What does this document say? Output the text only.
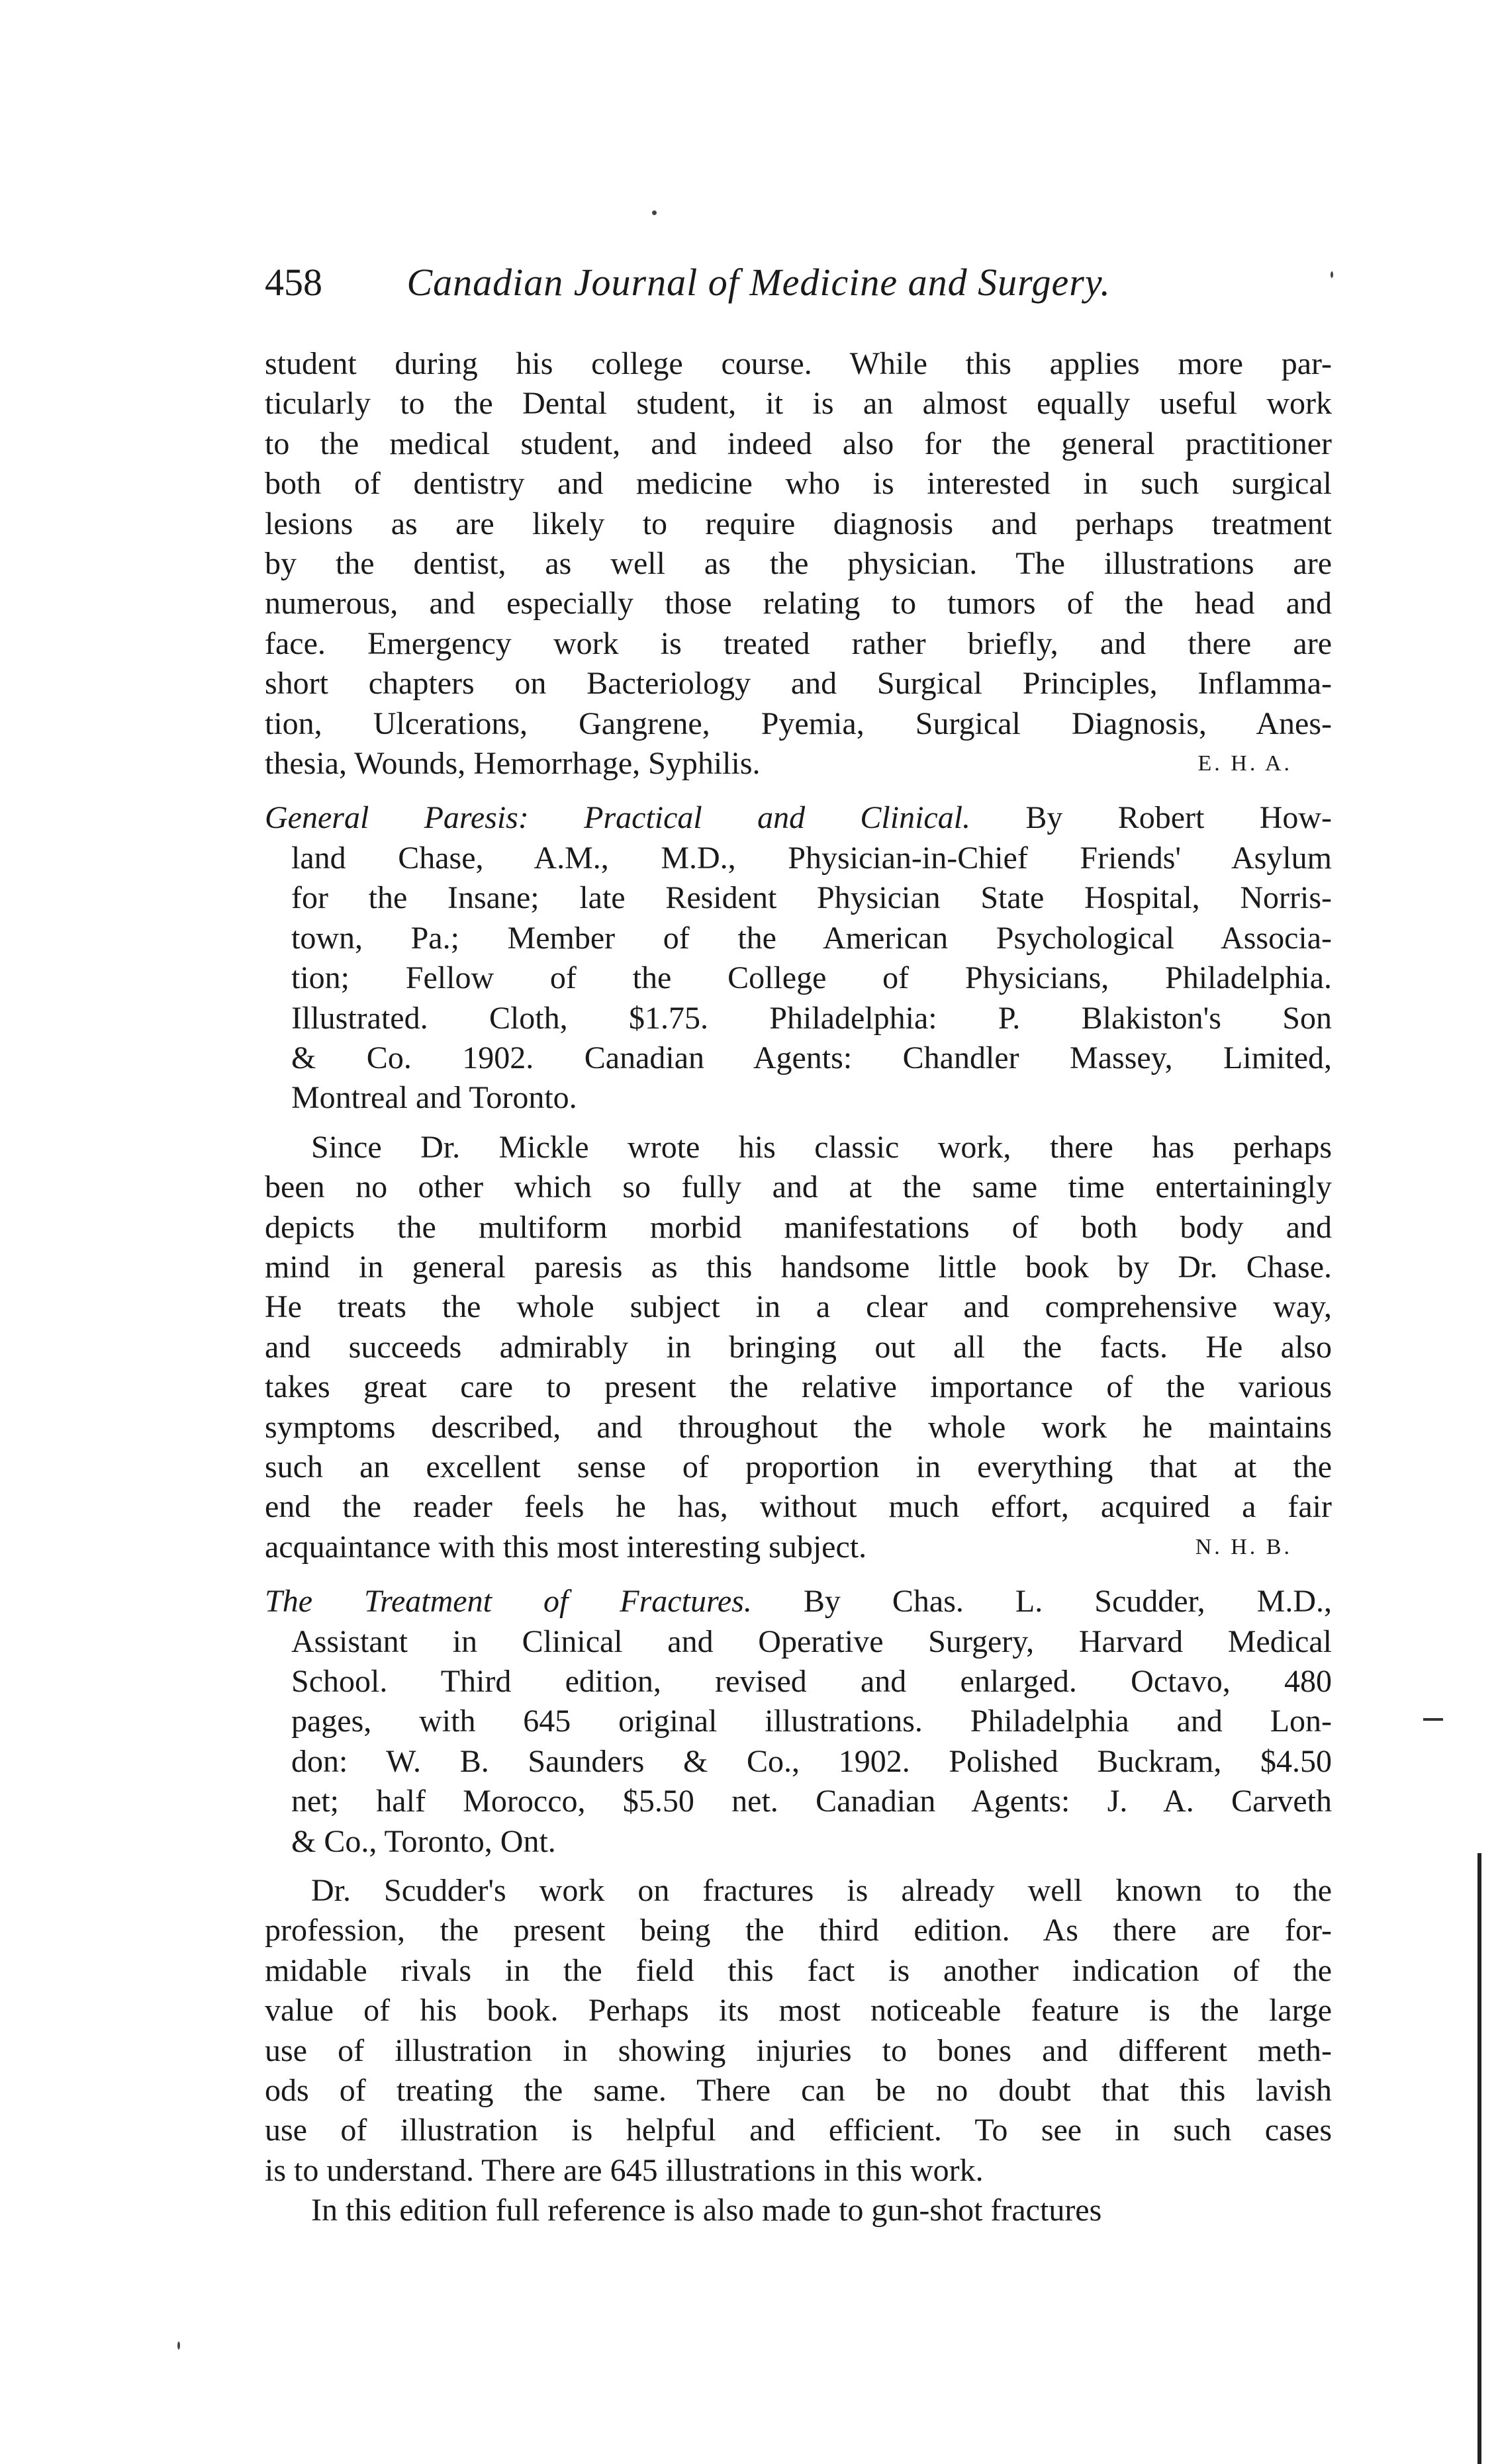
458 Canadian Journal of Medicine and Surgery.
student during his college course. While this applies more par-
ticularly to the Dental student, it is an almost equally useful work
to the medical student, and indeed also for the general practitioner
both of dentistry and medicine who is interested in such surgical
lesions as are likely to require diagnosis and perhaps treatment
by the dentist, as well as the physician. The illustrations are
numerous, and especially those relating to tumors of the head and
face. Emergency work is treated rather briefly, and there are
short chapters on Bacteriology and Surgical Principles, Inflamma-
tion, Ulcerations, Gangrene, Pyemia, Surgical Diagnosis, Anes-
thesia, Wounds, Hemorrhage, Syphilis.	E. H. A.
General Paresis: Practical and Clinical. By Robert How-
land Chase, A.M., M.D., Physician-in-Chief Friends' Asylum
for the Insane; late Resident Physician State Hospital, Norris-
town, Pa.; Member of the American Psychological Associa-
tion; Fellow of the College of Physicians, Philadelphia.
Illustrated. Cloth, $1.75. Philadelphia: P. Blakiston's Son
& Co. 1902. Canadian Agents: Chandler Massey, Limited,
Montreal and Toronto.
Since Dr. Mickle wrote his classic work, there has perhaps
been no other which so fully and at the same time entertainingly
depicts the multiform morbid manifestations of both body and
mind in general paresis as this handsome little book by Dr. Chase.
He treats the whole subject in a clear and comprehensive way,
and succeeds admirably in bringing out all the facts. He also
takes great care to present the relative importance of the various
symptoms described, and throughout the whole work he maintains
such an excellent sense of proportion in everything that at the
end the reader feels he has, without much effort, acquired a fair
acquaintance with this most interesting subject.	N. H. B.
The Treatment of Fractures. By Chas. L. Scudder, M.D.,
Assistant in Clinical and Operative Surgery, Harvard Medical
School. Third edition, revised and enlarged. Octavo, 480
pages, with 645 original illustrations. Philadelphia and Lon-
don: W. B. Saunders & Co., 1902. Polished Buckram, $4.50
net; half Morocco, $5.50 net. Canadian Agents: J. A. Carveth
& Co., Toronto, Ont.
Dr. Scudder's work on fractures is already well known to the
profession, the present being the third edition. As there are for-
midable rivals in the field this fact is another indication of the
value of his book. Perhaps its most noticeable feature is the large
use of illustration in showing injuries to bones and different meth-
ods of treating the same. There can be no doubt that this lavish
use of illustration is helpful and efficient. To see in such cases
is to understand. There are 645 illustrations in this work.
In this edition full reference is also made to gun-shot fractures
